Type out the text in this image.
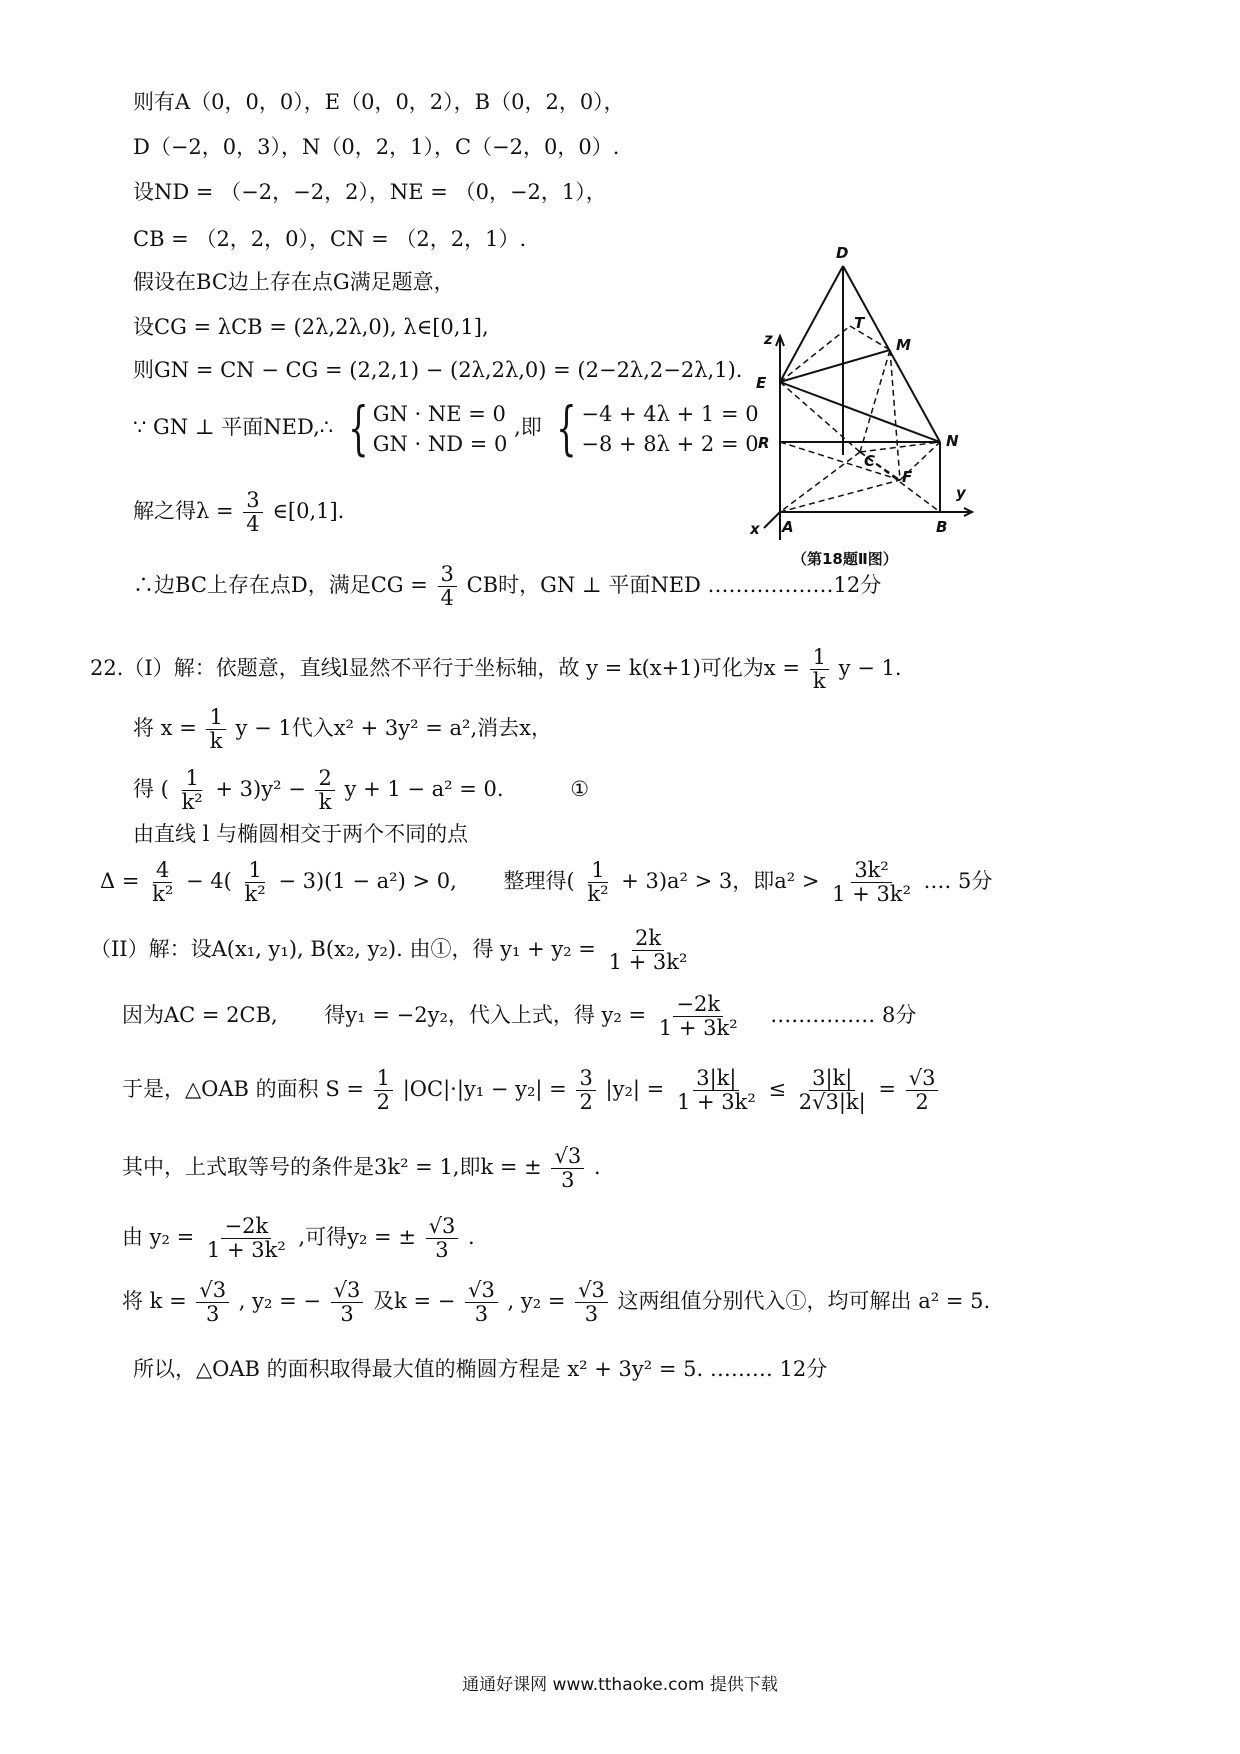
则有A（0，0，0），E（0，0，2），B（0，2，0），
D（−2，0，3），N（0，2，1），C（−2，0，0）.
设ND = （−2，−2，2），NE = （0，−2，1），
CB = （2，2，0），CN = （2，2，1）.
假设在BC边上存在点G满足题意，
设CG = λCB = (2λ,2λ,0), λ∈[0,1],
则GN = CN − CG = (2,2,1) − (2λ,2λ,0) = (2−2λ,2−2λ,1).
∵ GN ⊥ 平面NED,∴ { GN · NE = 0
GN · ND = 0
,即 { −4 + 4λ + 1 = 0
−8 + 8λ + 2 = 0
解之得$\lambda = \frac{3}{4}$ ∈[0,1].
∴边BC上存在点D，满足CG = $\frac{3}{4}$ CB时，GN ⊥ 平面NED ………………12分
D
T
M
z
E
R
C
N
F
y
x A	B
（第18题Ⅱ图）
22.（I）解：依题意，直线l显然不平行于坐标轴，故 y = k(x+1)可化为$x = \frac{1}{k}$ y − 1.
将 $x = \frac{1}{k}$ y − 1代入x² + 3y² = a²,消去x，
得 ( $\frac{1}{\text{k²}} + 3)y^2 - \frac{2}{k}$ y + 1 − a² = 0.	①
由直线 l 与椭圆相交于两个不同的点
$\Delta = \frac{4}{\text{k²}} - 4( \frac{1}{\text{k²}} - 3)(1 - a^2) > 0$, 整理得( $\frac{1}{\text{k²}} + 3)a^2 > 3$，即$a^2 > \frac{\text{3k²}}{\text{1 + 3k²}}$ .… 5分
（II）解：设A(x₁, y₁), B(x₂, y₂). 由①，得 $y_1 + y_2 = \frac{2k}{\text{1 + 3k²}}$
因为AC = 2CB, 得y₁ = −2y₂，代入上式，得 $y_2 = \frac{-2k}{\text{1 + 3k²}}$ …………… 8分
于是，△OAB 的面积 $S = \frac{1}{2} |OC|\cdot|y_1 - y_2| = \frac{3}{2} |y_2| = \frac{3|k|}{\text{1 + 3k²}} \le \frac{3|k|}{2√3|k|} = \frac{√3}{2}$
其中，上式取等号的条件是3k² = 1,即k = ± $\frac{√3}{3}$ .
由 $y_2 = \frac{-2k}{\text{1 + 3k²}}$ ,可得y₂ = ± $\frac{√3}{3}$ .
将 $k = \frac{√3}{3}$ , y₂ = − $\frac{√3}{3}$ 及k = − $\frac{√3}{3}$ , $y_2 = \frac{√3}{3}$ 这两组值分别代入①，均可解出 a² = 5.
所以，△OAB 的面积取得最大值的椭圆方程是 x² + 3y² = 5. ……… 12分
通通好课网 www.tthaoke.com 提供下载
